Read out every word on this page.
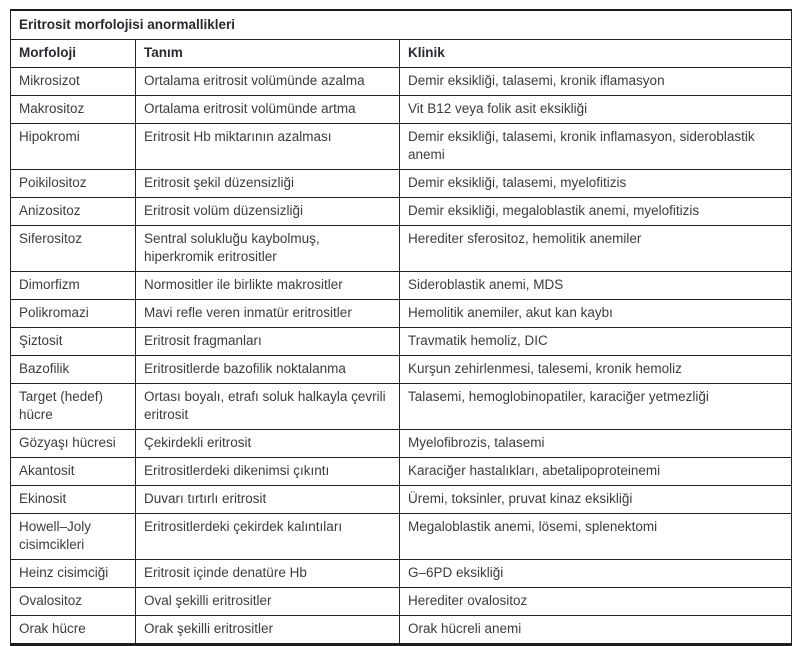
Eritrosit morfolojisi anormallikleri		
Morfoloji	Tanım	Klinik
Mikrosizot	Ortalama eritrosit volümünde azalma	Demir eksikliği, talasemi, kronik iflamasyon
Makrositoz	Ortalama eritrosit volümünde artma	Vit B12 veya folik asit eksikliği
Hipokromi	Eritrosit Hb miktarının azalması	Demir eksikliği, talasemi, kronik inflamasyon, sideroblastik anemi
Poikilositoz	Eritrosit şekil düzensizliği	Demir eksikliği, talasemi, myelofitizis
Anizositoz	Eritrosit volüm düzensizliği	Demir eksikliği, megaloblastik anemi, myelofitizis
Siferositoz	Sentral solukluğu kaybolmuş, hiperkromik eritrositler	Herediter sferositoz, hemolitik anemiler
Dimorfizm	Normositler ile birlikte makrositler	Sideroblastik anemi, MDS
Polikromazi	Mavi refle veren inmatür eritrositler	Hemolitik anemiler, akut kan kaybı
Şiztosit	Eritrosit fragmanları	Travmatik hemoliz, DIC
Bazofilik	Eritrositlerde bazofilik noktalanma	Kurşun zehirlenmesi, talesemi, kronik hemoliz
Target (hedef) hücre	Ortası boyalı, etrafı soluk halkayla çevrili eritrosit	Talasemi, hemoglobinopatiler, karaciğer yetmezliği
Gözyaşı hücresi	Çekirdekli eritrosit	Myelofibrozis, talasemi
Akantosit	Eritrositlerdeki dikenimsi çıkıntı	Karaciğer hastalıkları, abetalipoproteinemi
Ekinosit	Duvarı tırtırlı eritrosit	Üremi, toksinler, pruvat kinaz eksikliği
Howell–Joly cisimcikleri	Eritrositlerdeki çekirdek kalıntıları	Megaloblastik anemi, lösemi, splenektomi
Heinz cisimciği	Eritrosit içinde denatüre Hb	G–6PD eksikliği
Ovalositoz	Oval şekilli eritrositler	Herediter ovalositoz
Orak hücre	Orak şekilli eritrositler	Orak hücreli anemi
